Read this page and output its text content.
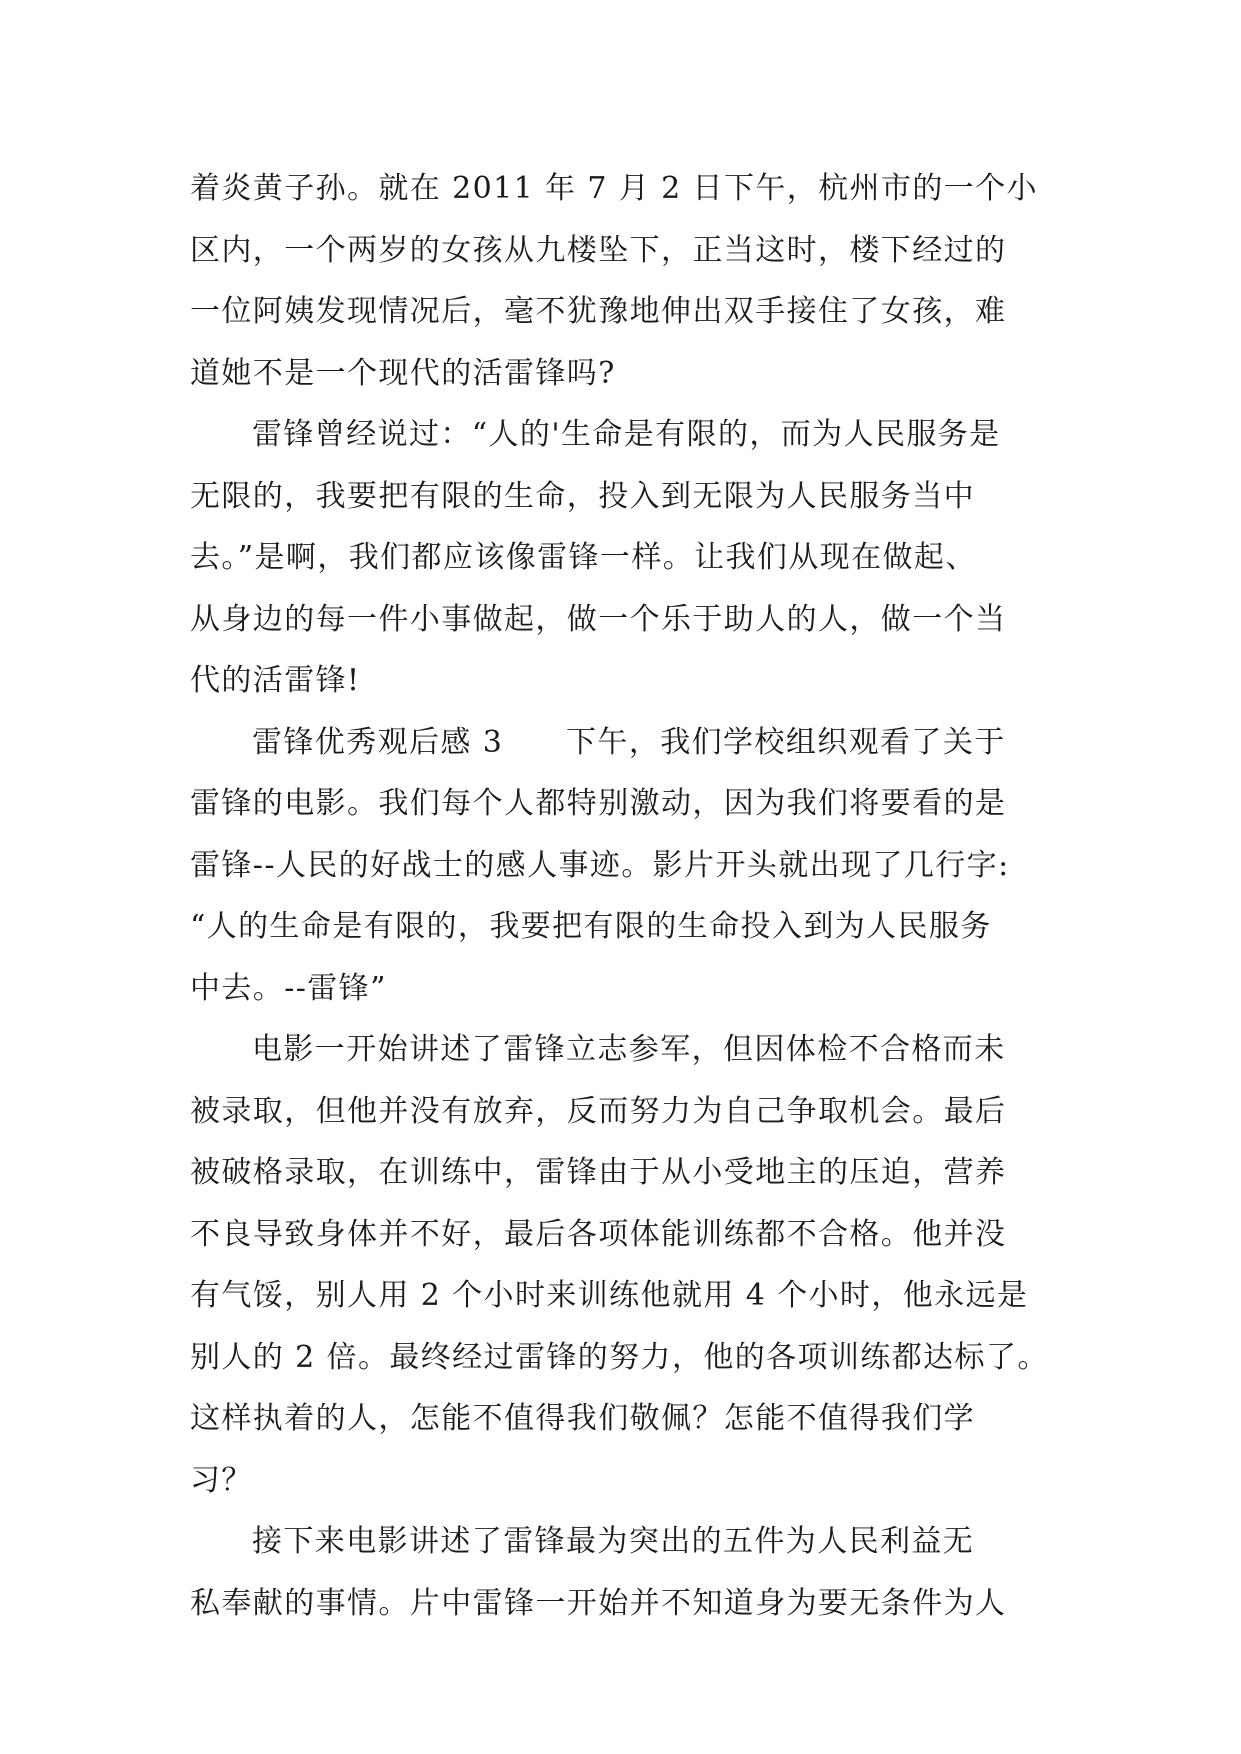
着炎黄子孙。就在 2011 年 7 月 2 日下午，杭州市的一个小
区内，一个两岁的女孩从九楼坠下，正当这时，楼下经过的
一位阿姨发现情况后，毫不犹豫地伸出双手接住了女孩，难
道她不是一个现代的活雷锋吗?
雷锋曾经说过：“人的'生命是有限的，而为人民服务是
无限的，我要把有限的生命，投入到无限为人民服务当中
去。”是啊，我们都应该像雷锋一样。让我们从现在做起、
从身边的每一件小事做起，做一个乐于助人的人，做一个当
代的活雷锋!
雷锋优秀观后感 3　　下午，我们学校组织观看了关于
雷锋的电影。我们每个人都特别激动，因为我们将要看的是
雷锋--人民的好战士的感人事迹。影片开头就出现了几行字:
“人的生命是有限的，我要把有限的生命投入到为人民服务
中去。--雷锋”
电影一开始讲述了雷锋立志参军，但因体检不合格而未
被录取，但他并没有放弃，反而努力为自己争取机会。最后
被破格录取，在训练中，雷锋由于从小受地主的压迫，营养
不良导致身体并不好，最后各项体能训练都不合格。他并没
有气馁，别人用 2 个小时来训练他就用 4 个小时，他永远是
别人的 2 倍。最终经过雷锋的努力，他的各项训练都达标了。
这样执着的人，怎能不值得我们敬佩？怎能不值得我们学
习？
接下来电影讲述了雷锋最为突出的五件为人民利益无
私奉献的事情。片中雷锋一开始并不知道身为要无条件为人
